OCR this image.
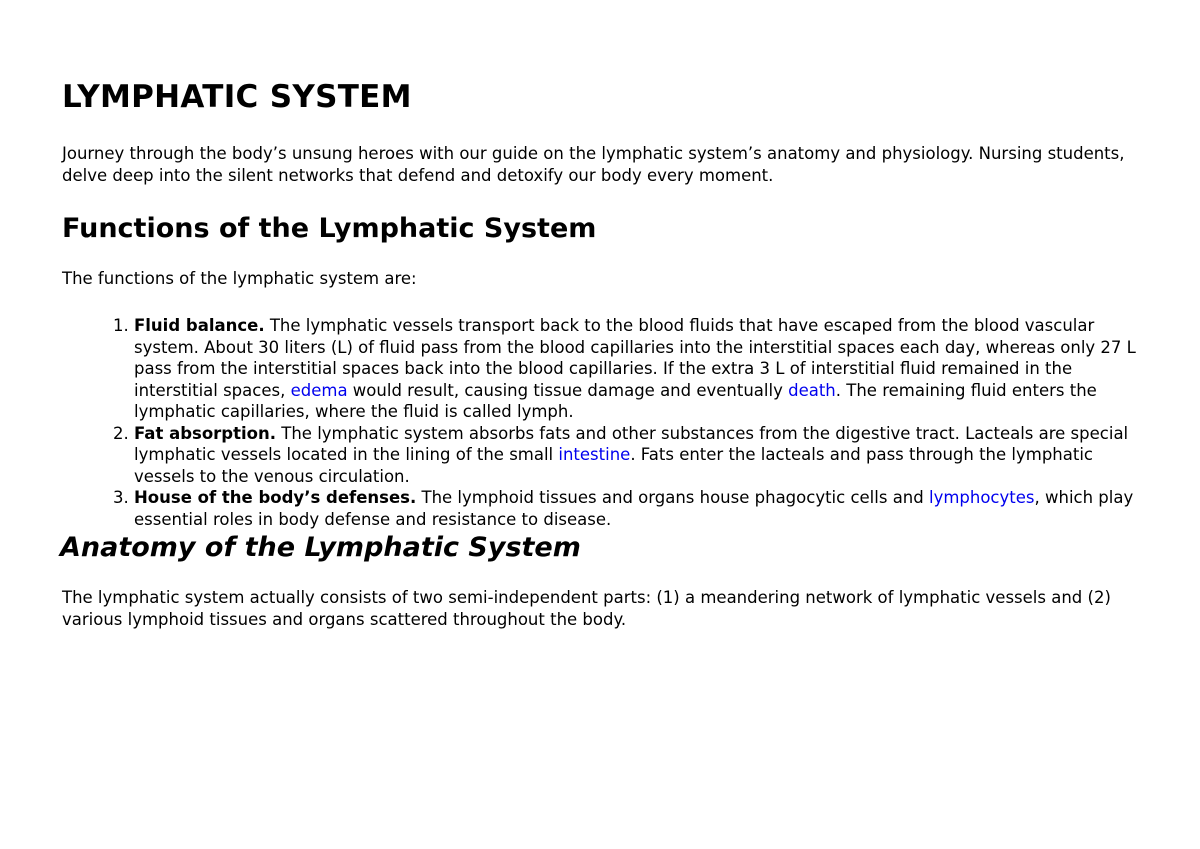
LYMPHATIC SYSTEM

Journey through the body’s unsung heroes with our guide on the lymphatic system’s anatomy and physiology. Nursing students, delve deep into the silent networks that defend and detoxify our body every moment.

Functions of the Lymphatic System

The functions of the lymphatic system are:

1. Fluid balance. The lymphatic vessels transport back to the blood fluids that have escaped from the blood vascular system. About 30 liters (L) of fluid pass from the blood capillaries into the interstitial spaces each day, whereas only 27 L pass from the interstitial spaces back into the blood capillaries. If the extra 3 L of interstitial fluid remained in the interstitial spaces, edema would result, causing tissue damage and eventually death. The remaining fluid enters the lymphatic capillaries, where the fluid is called lymph.
2. Fat absorption. The lymphatic system absorbs fats and other substances from the digestive tract. Lacteals are special lymphatic vessels located in the lining of the small intestine. Fats enter the lacteals and pass through the lymphatic vessels to the venous circulation.
3. House of the body’s defenses. The lymphoid tissues and organs house phagocytic cells and lymphocytes, which play essential roles in body defense and resistance to disease.
Anatomy of the Lymphatic System

The lymphatic system actually consists of two semi-independent parts: (1) a meandering network of lymphatic vessels and (2) various lymphoid tissues and organs scattered throughout the body.
